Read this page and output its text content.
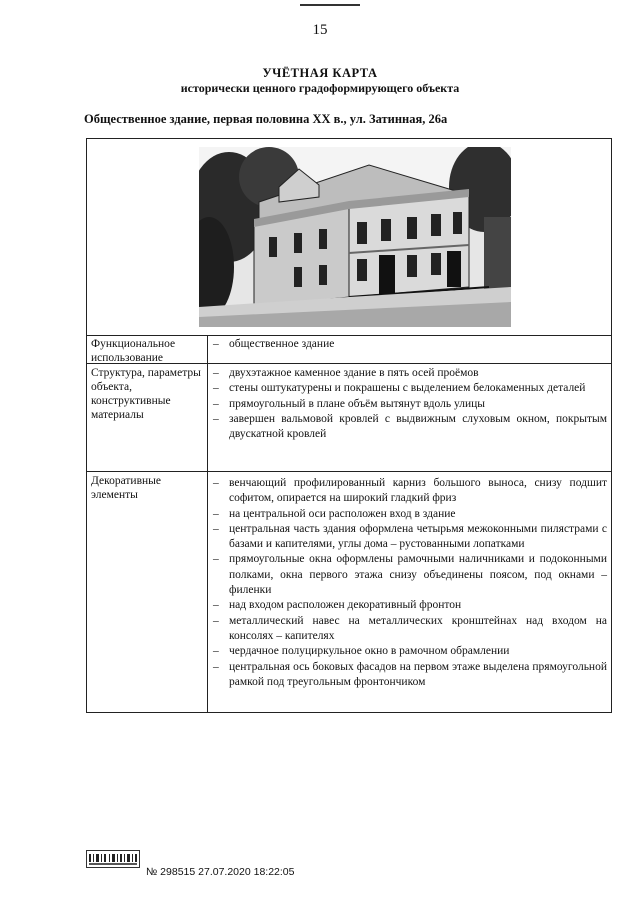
15
УЧЁТНАЯ КАРТА
исторически ценного градоформирующего объекта
Общественное здание, первая половина XX в., ул. Затинная, 26а
Функциональное использование
– общественное здание
Структура, параметры объекта, конструктивные материалы
– двухэтажное каменное здание в пять осей проёмов
– стены оштукатурены и покрашены с выделением белокаменных деталей
– прямоугольный в плане объём вытянут вдоль улицы
– завершен вальмовой кровлей с выдвижным слуховым окном, покрытым двускатной кровлей
Декоративные элементы
– венчающий профилированный карниз большого выноса, снизу подшит софитом, опирается на широкий гладкий фриз
– на центральной оси расположен вход в здание
– центральная часть здания оформлена четырьмя межоконными пилястрами с базами и капителями, углы дома – рустованными лопатками
– прямоугольные окна оформлены рамочными наличниками и подоконными полками, окна первого этажа снизу объединены поясом, под окнами – филенки
– над входом расположен декоративный фронтон
– металлический навес на металлических кронштейнах над входом на консолях – капителях
– чердачное полуциркульное окно в рамочном обрамлении
– центральная ось боковых фасадов на первом этаже выделена прямоугольной рамкой под треугольным фронтончиком
№ 298515 27.07.2020 18:22:05
